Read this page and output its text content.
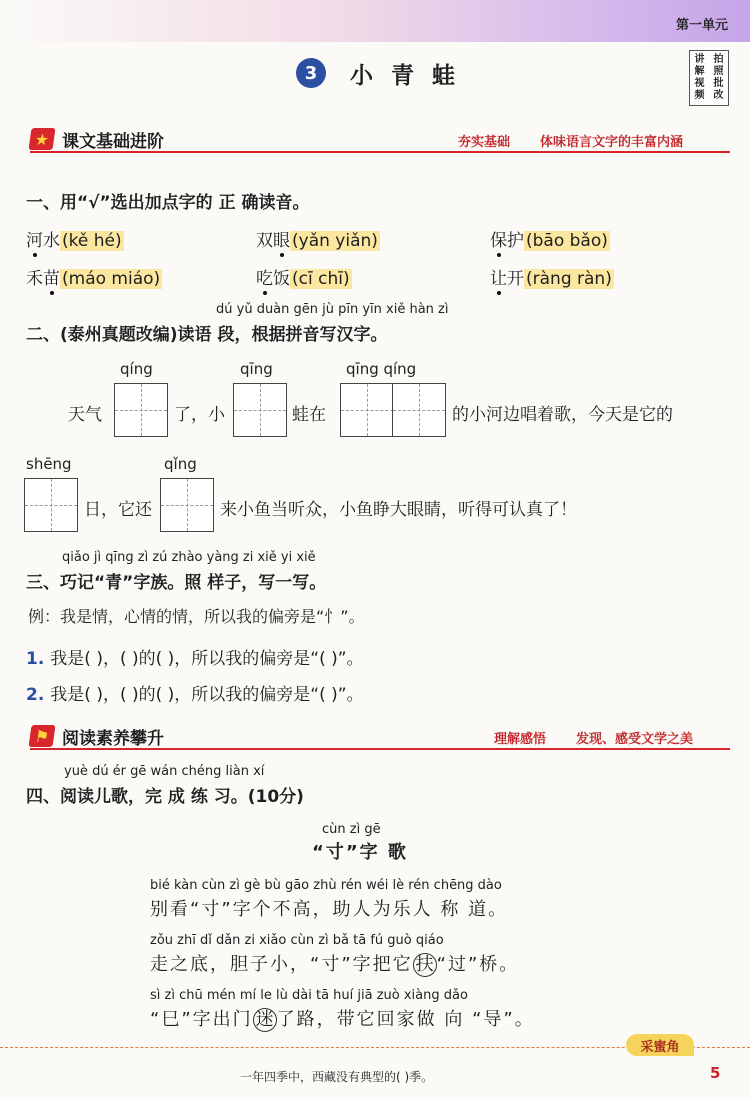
第一单元
3	小 青 蛙
讲
解
视
频
拍
照
批
改
★ 课文基础进阶	夯实基础 体味语言文字的丰富内涵
一、用“√”选出加点字的 正 确读音。
河水 (kě hé)	双眼 (yǎn yiǎn)	保护 (bāo bǎo)
禾苗 (máo miáo)	吃饭 (cī chī)	让开 (ràng ràn)
dú yǔ duàn gēn jù pīn yīn xiě hàn zì
二、(泰州真题改编)读语 段，根据拼音写汉字。
qíng	qīng	qīng qíng
天气	了，小	蛙在	的小河边唱着歌，今天是它的
shēng	qǐng
日，它还	来小鱼当听众，小鱼睁大眼睛，听得可认真了！
qiǎo jì qīng zì zú zhào yàng zi xiě yi xiě
三、巧记“青”字族。照 样子，写一写。
例：我是情，心情的情，所以我的偏旁是“忄”。
1. 我是( )，( )的( )，所以我的偏旁是“( )”。
2. 我是( )，( )的( )，所以我的偏旁是“( )”。
⚑ 阅读素养攀升	理解感悟 发现、感受文学之美
yuè dú ér gē wán chéng liàn xí
四、阅读儿歌，完 成 练 习。(10分)
cùn zì gē
“寸”字 歌
bié kàn cùn zì gè bù gāo zhù rén wéi lè rén chēng dào
别看“寸”字个不高，助人为乐人 称 道。
zǒu zhī dǐ dǎn zi xiǎo cùn zì bǎ tā fú guò qiáo
走之底，胆子小，“寸”字把它 扶 “过”桥。
sì zì chū mén mí le lù dài tā huí jiā zuò xiàng dǎo
“巳”字出门 迷 了路，带它回家做 向 “导”。
采蜜角
一年四季中，西藏没有典型的( )季。	5
